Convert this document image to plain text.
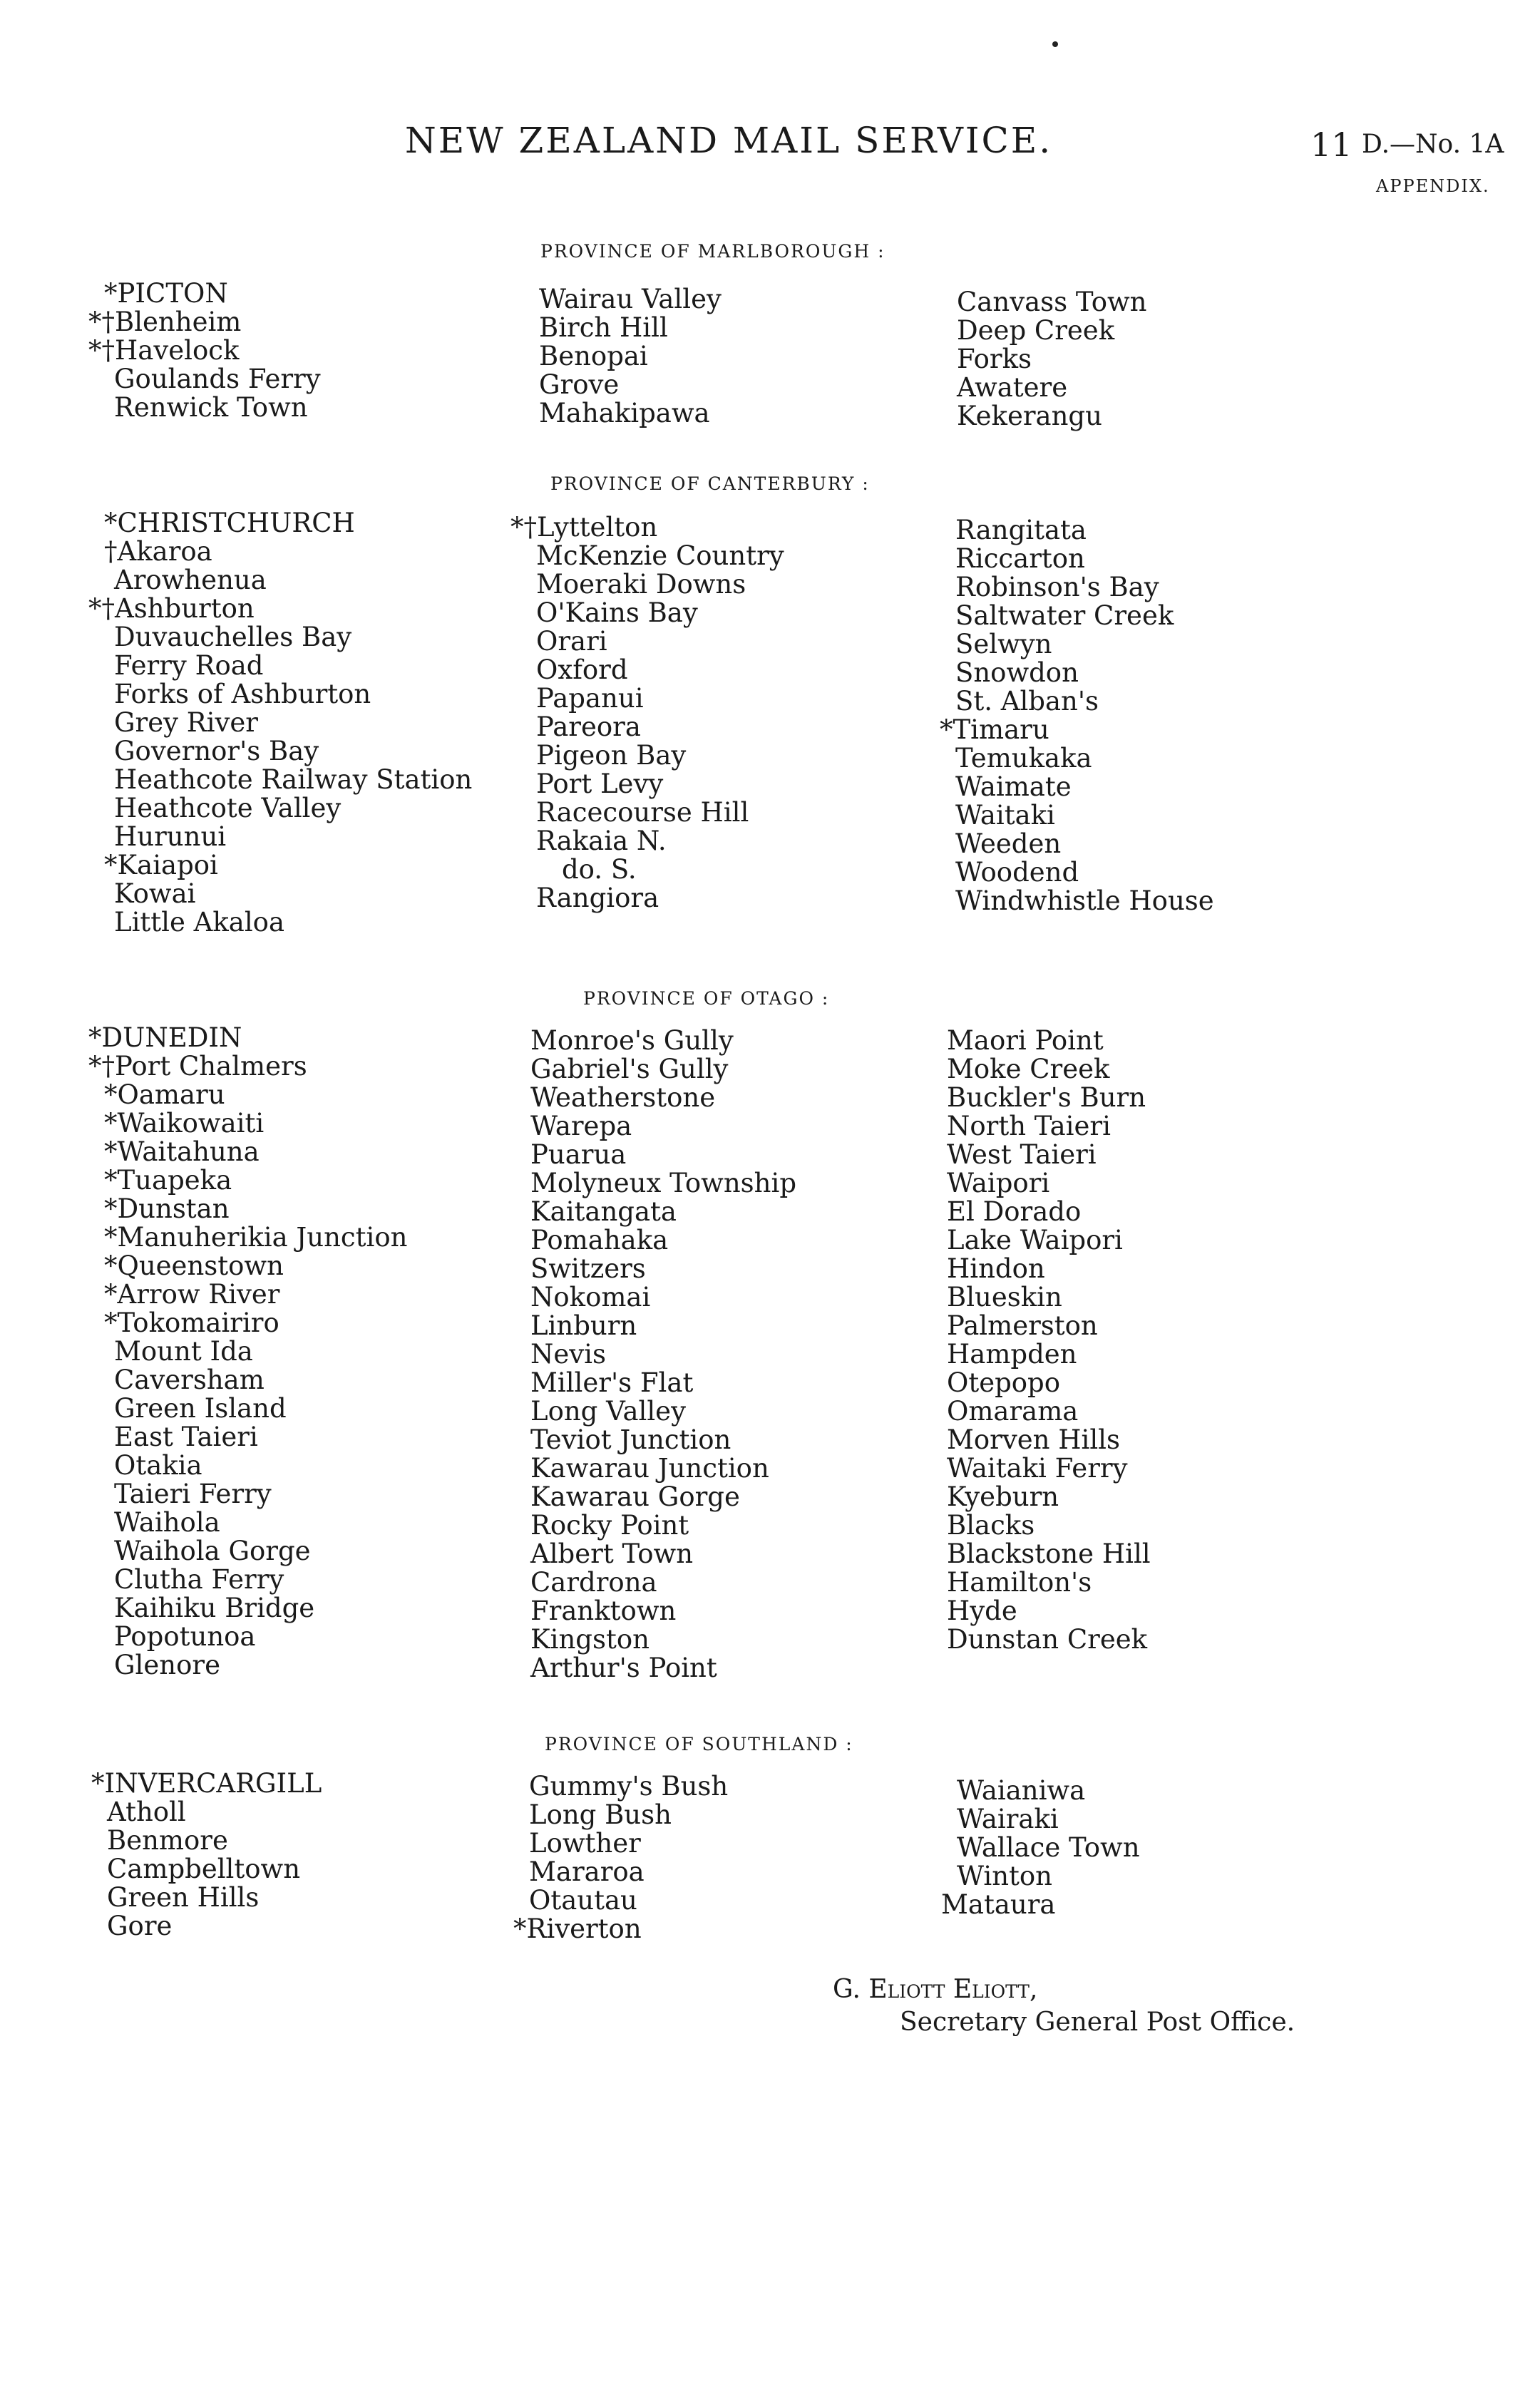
NEW ZEALAND MAIL SERVICE.	11 D.—No. 1A
APPENDIX.
PROVINCE OF MARLBOROUGH :
*PICTON
*†Blenheim
*†Havelock
Goulands Ferry
Renwick Town
Wairau Valley
Birch Hill
Benopai
Grove
Mahakipawa
Canvass Town
Deep Creek
Forks
Awatere
Kekerangu
PROVINCE OF CANTERBURY :
*CHRISTCHURCH
†Akaroa
Arowhenua
*†Ashburton
Duvauchelles Bay
Ferry Road
Forks of Ashburton
Grey River
Governor's Bay
Heathcote Railway Station
Heathcote Valley
Hurunui
*Kaiapoi
Kowai
Little Akaloa
*†Lyttelton
McKenzie Country
Moeraki Downs
O'Kains Bay
Orari
Oxford
Papanui
Pareora
Pigeon Bay
Port Levy
Racecourse Hill
Rakaia N.
do. S.
Rangiora
Rangitata
Riccarton
Robinson's Bay
Saltwater Creek
Selwyn
Snowdon
St. Alban's
*Timaru
Temukaka
Waimate
Waitaki
Weeden
Woodend
Windwhistle House
PROVINCE OF OTAGO :
*DUNEDIN
*†Port Chalmers
*Oamaru
*Waikowaiti
*Waitahuna
*Tuapeka
*Dunstan
*Manuherikia Junction
*Queenstown
*Arrow River
*Tokomairiro
Mount Ida
Caversham
Green Island
East Taieri
Otakia
Taieri Ferry
Waihola
Waihola Gorge
Clutha Ferry
Kaihiku Bridge
Popotunoa
Glenore
Monroe's Gully
Gabriel's Gully
Weatherstone
Warepa
Puarua
Molyneux Township
Kaitangata
Pomahaka
Switzers
Nokomai
Linburn
Nevis
Miller's Flat
Long Valley
Teviot Junction
Kawarau Junction
Kawarau Gorge
Rocky Point
Albert Town
Cardrona
Franktown
Kingston
Arthur's Point
Maori Point
Moke Creek
Buckler's Burn
North Taieri
West Taieri
Waipori
El Dorado
Lake Waipori
Hindon
Blueskin
Palmerston
Hampden
Otepopo
Omarama
Morven Hills
Waitaki Ferry
Kyeburn
Blacks
Blackstone Hill
Hamilton's
Hyde
Dunstan Creek
PROVINCE OF SOUTHLAND :
*INVERCARGILL
Atholl
Benmore
Campbelltown
Green Hills
Gore
Gummy's Bush
Long Bush
Lowther
Mararoa
Otautau
*Riverton
Waianiwa
Wairaki
Wallace Town
Winton
Mataura
G. Eliott Eliott,
Secretary General Post Office.
